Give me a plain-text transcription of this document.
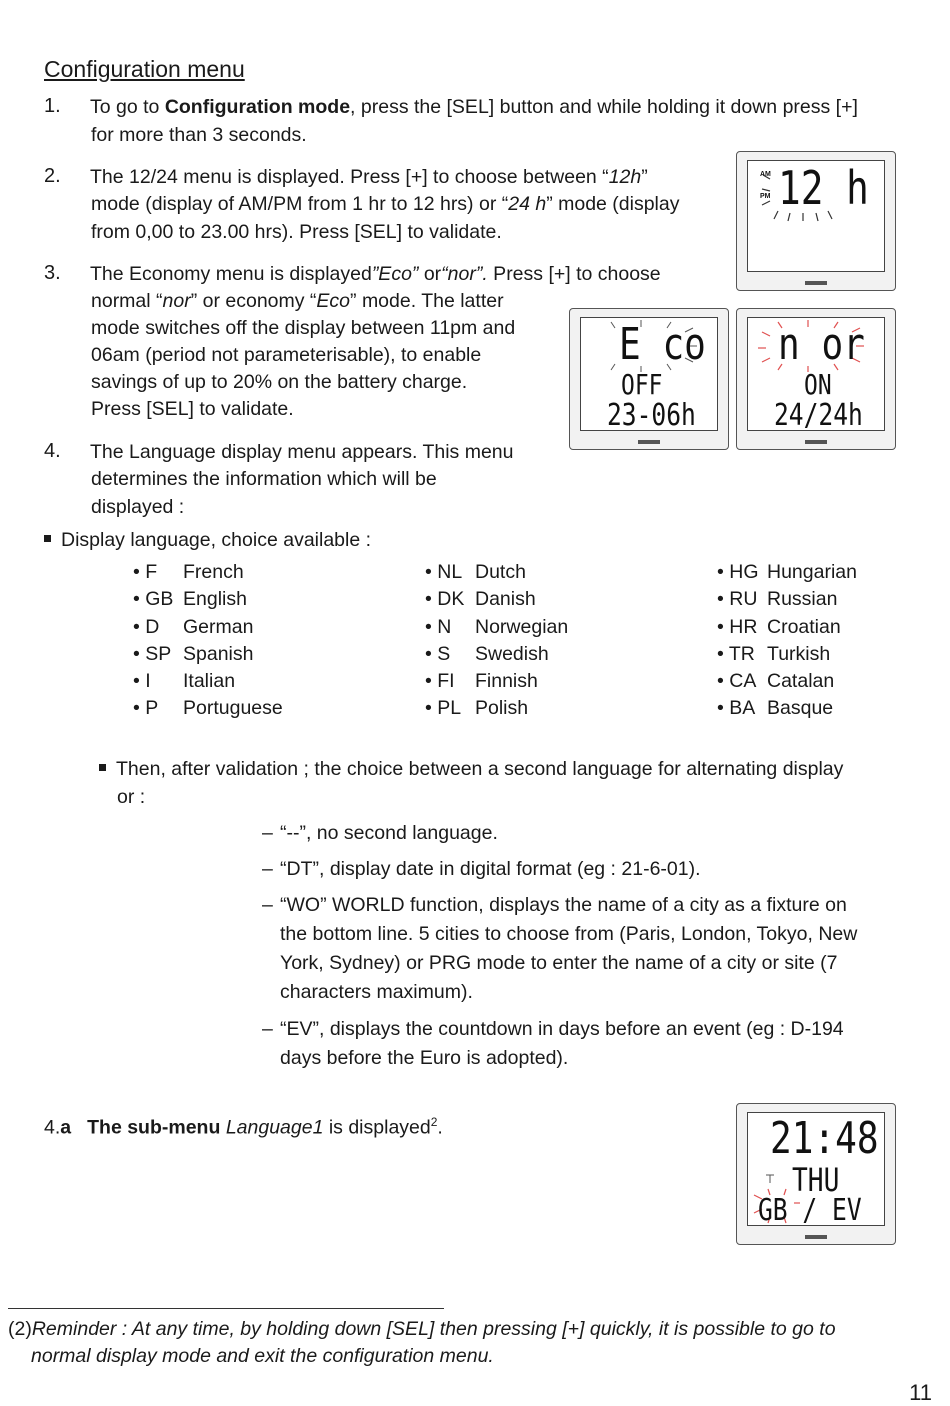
Configuration menu
1. To go to Configuration mode, press the [SEL] button and while holding it down press [+]
for more than 3 seconds.
2. The 12/24 menu is displayed. Press [+] to choose between “12h”
mode (display of AM/PM from 1 hr to 12 hrs) or “24 h” mode (display
from 0,00 to 23.00 hrs). Press [SEL] to validate.
3. The Economy menu is displayed”Eco” or“nor”. Press [+] to choose
normal “nor” or economy “Eco” mode. The latter
mode switches off the display between 11pm and
06am (period not parameterisable), to enable
savings of up to 20% on the battery charge.
Press [SEL] to validate.
4. The Language display menu appears. This menu
determines the information which will be
displayed :
Display language, choice available :
• F French
• GB English
• D German
• SP Spanish
• I Italian
• P Portuguese
• NL Dutch
• DK Danish
• N Norwegian
• S Swedish
• FI Finnish
• PL Polish
• HG Hungarian
• RU Russian
• HR Croatian
• TR Turkish
• CA Catalan
• BA Basque
Then, after validation ; the choice between a second language for alternating display
or :
– “--”, no second language.
– “DT”, display date in digital format (eg : 21-6-01).
– “WO” WORLD function, displays the name of a city as a fixture on
the bottom line. 5 cities to choose from (Paris, London, Tokyo, New
York, Sydney) or PRG mode to enter the name of a city or site (7
characters maximum).
– “EV”, displays the countdown in days before an event (eg : D-194
days before the Euro is adopted).
4.a The sub-menu Language1 is displayed$^2$.
(2)Reminder : At any time, by holding down [SEL] then pressing [+] quickly, it is possible to go to
normal display mode and exit the configuration menu.
11
AM
PM 12 h
E co
OFF
23-06h
n or
ON
24/24h
21:48
THU
GB / EV
